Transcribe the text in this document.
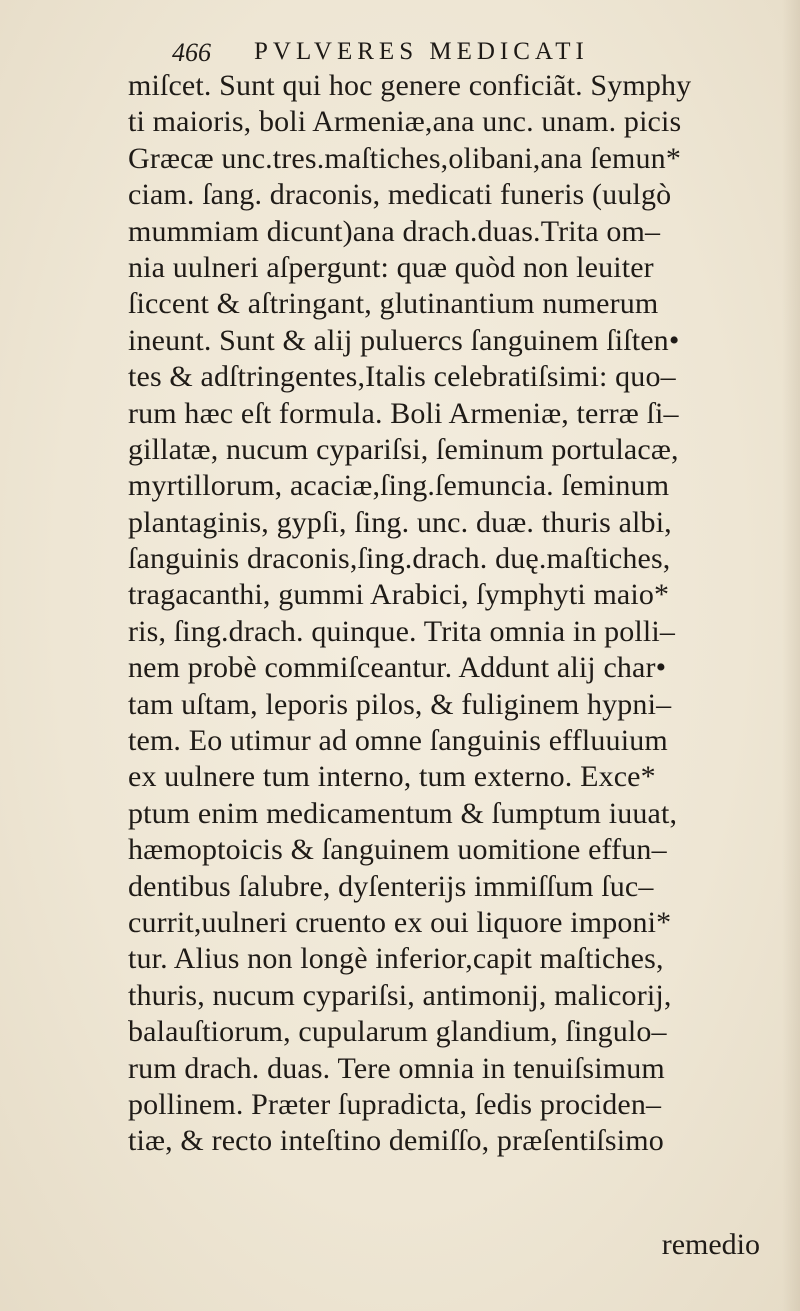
466 PVLVERES MEDICATI
miſcet. Sunt qui hoc genere conficiãt. Symphy
ti maioris, boli Armeniæ,ana unc. unam. picis
Græcæ unc.tres.maſtiches,olibani,ana ſemun*
ciam. ſang. draconis, medicati funeris (uulgò
mummiam dicunt)ana drach.duas.Trita om–
nia uulneri aſpergunt: quæ quòd non leuiter
ſiccent & aſtringant, glutinantium numerum
ineunt. Sunt & alij puluercs ſanguinem ſiſten•
tes & adſtringentes,Italis celebratiſsimi: quo–
rum hæc eſt formula. Boli Armeniæ, terræ ſi–
gillatæ, nucum cypariſsi, ſeminum portulacæ,
myrtillorum, acaciæ,ſing.ſemuncia. ſeminum
plantaginis, gypſi, ſing. unc. duæ. thuris albi,
ſanguinis draconis,ſing.drach. duę.maſtiches,
tragacanthi, gummi Arabici, ſymphyti maio*
ris, ſing.drach. quinque. Trita omnia in polli–
nem probè commiſceantur. Addunt alij char•
tam uſtam, leporis pilos, & fuliginem hypni–
tem. Eo utimur ad omne ſanguinis effluuium
ex uulnere tum interno, tum externo. Exce*
ptum enim medicamentum & ſumptum iuuat,
hæmoptoicis & ſanguinem uomitione effun–
dentibus ſalubre, dyſenterijs immiſſum ſuc–
currit,uulneri cruento ex oui liquore imponi*
tur. Alius non longè inferior,capit maſtiches,
thuris, nucum cypariſsi, antimonij, malicorij,
balauſtiorum, cupularum glandium, ſingulo–
rum drach. duas. Tere omnia in tenuiſsimum
pollinem. Præter ſupradicta, ſedis prociden–
tiæ, & recto inteſtino demiſſo, præſentiſsimo
remedio
